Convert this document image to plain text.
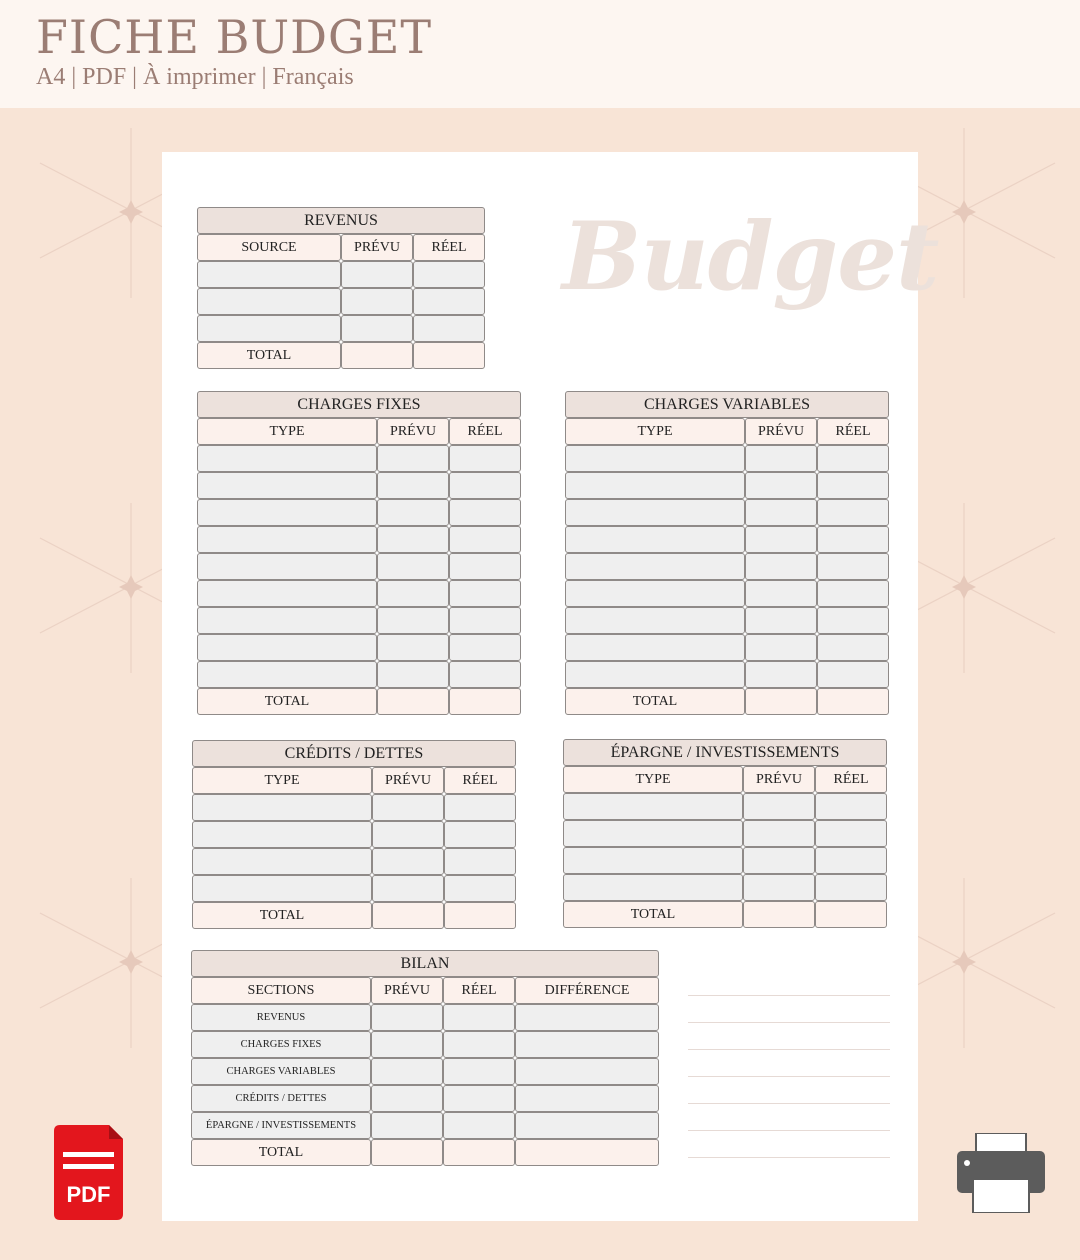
FICHE BUDGET
A4 | PDF | À imprimer | Français
Budget
REVENUS
SOURCE	PRÉVU	RÉEL
TOTAL
CHARGES FIXES
TYPE	PRÉVU	RÉEL
TOTAL
CHARGES VARIABLES
TYPE	PRÉVU	RÉEL
TOTAL
CRÉDITS / DETTES
TYPE	PRÉVU	RÉEL
TOTAL
ÉPARGNE / INVESTISSEMENTS
TYPE	PRÉVU	RÉEL
TOTAL
BILAN
SECTIONS	PRÉVU	RÉEL	DIFFÉRENCE
REVENUS
CHARGES FIXES
CHARGES VARIABLES
CRÉDITS / DETTES
ÉPARGNE / INVESTISSEMENTS
TOTAL
PDF
